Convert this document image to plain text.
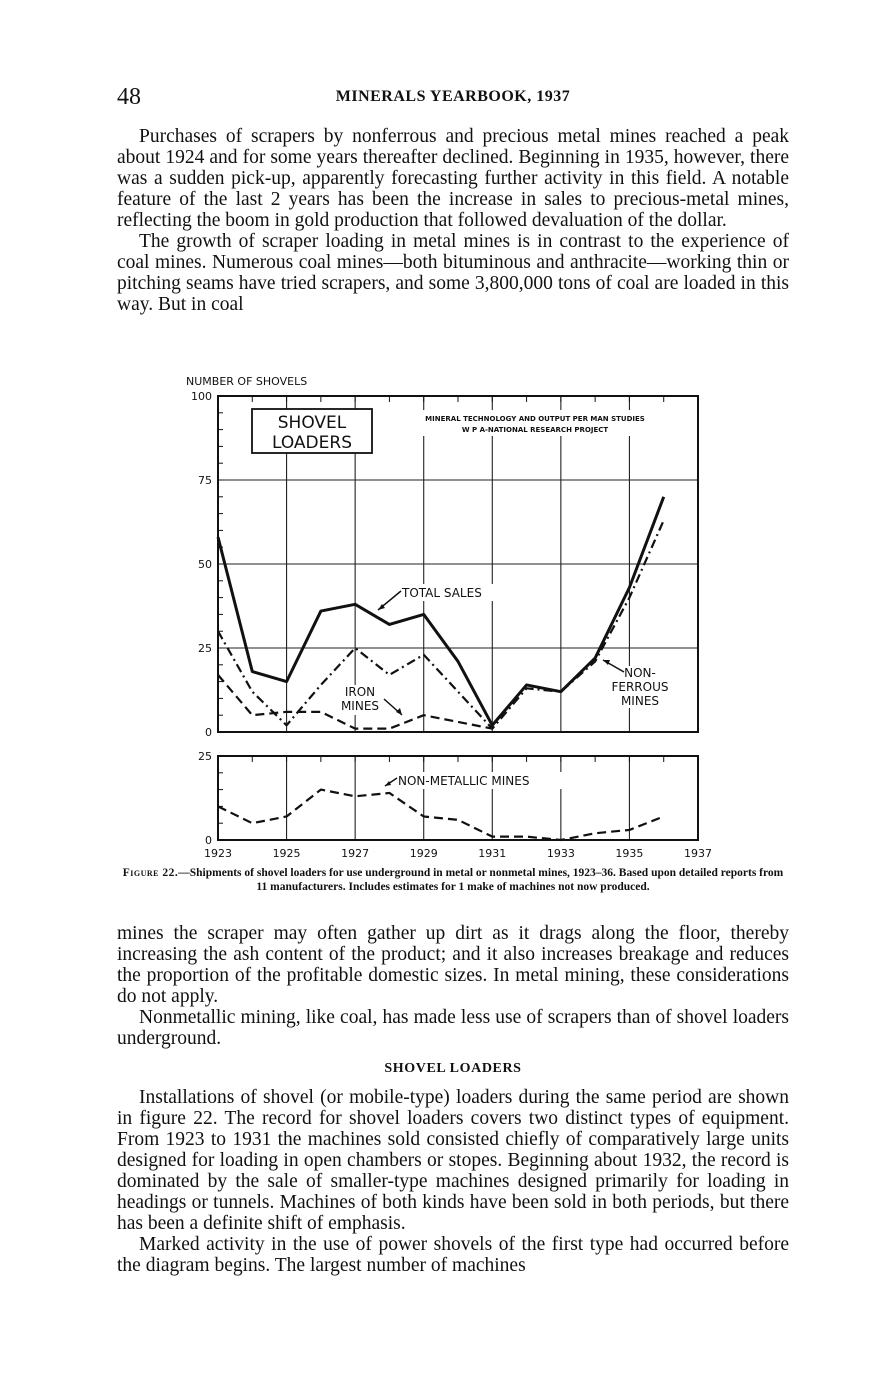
48	MINERALS YEARBOOK, 1937

Purchases of scrapers by nonferrous and precious metal mines reached a peak about 1924 and for some years thereafter declined. Beginning in 1935, however, there was a sudden pick-up, apparently forecasting further activity in this field. A notable feature of the last 2 years has been the increase in sales to precious-metal mines, reflecting the boom in gold production that followed devaluation of the dollar.

The growth of scraper loading in metal mines is in contrast to the experience of coal mines. Numerous coal mines—both bituminous and anthracite—working thin or pitching seams have tried scrapers, and some 3,800,000 tons of coal are loaded in this way. But in coal

NUMBER OF SHOVELS
SHOVEL
LOADERS
MINERAL TECHNOLOGY AND OUTPUT PER MAN STUDIES
W P A-NATIONAL RESEARCH PROJECT
100
75
50
25
0
TOTAL SALES
IRON
MINES
NON-
FERROUS
MINES
25
0
NON-METALLIC MINES
1923	1925	1927	1929	1931	1933	1935	1937
Figure 22.—Shipments of shovel loaders for use underground in metal or nonmetal mines, 1923–36. Based upon detailed reports from 11 manufacturers. Includes estimates for 1 make of machines not now produced.

mines the scraper may often gather up dirt as it drags along the floor, thereby increasing the ash content of the product; and it also increases breakage and reduces the proportion of the profitable domestic sizes. In metal mining, these considerations do not apply.

Nonmetallic mining, like coal, has made less use of scrapers than of shovel loaders underground.

SHOVEL LOADERS

Installations of shovel (or mobile-type) loaders during the same period are shown in figure 22. The record for shovel loaders covers two distinct types of equipment. From 1923 to 1931 the machines sold consisted chiefly of comparatively large units designed for loading in open chambers or stopes. Beginning about 1932, the record is dominated by the sale of smaller-type machines designed primarily for loading in headings or tunnels. Machines of both kinds have been sold in both periods, but there has been a definite shift of emphasis.

Marked activity in the use of power shovels of the first type had occurred before the diagram begins. The largest number of machines
